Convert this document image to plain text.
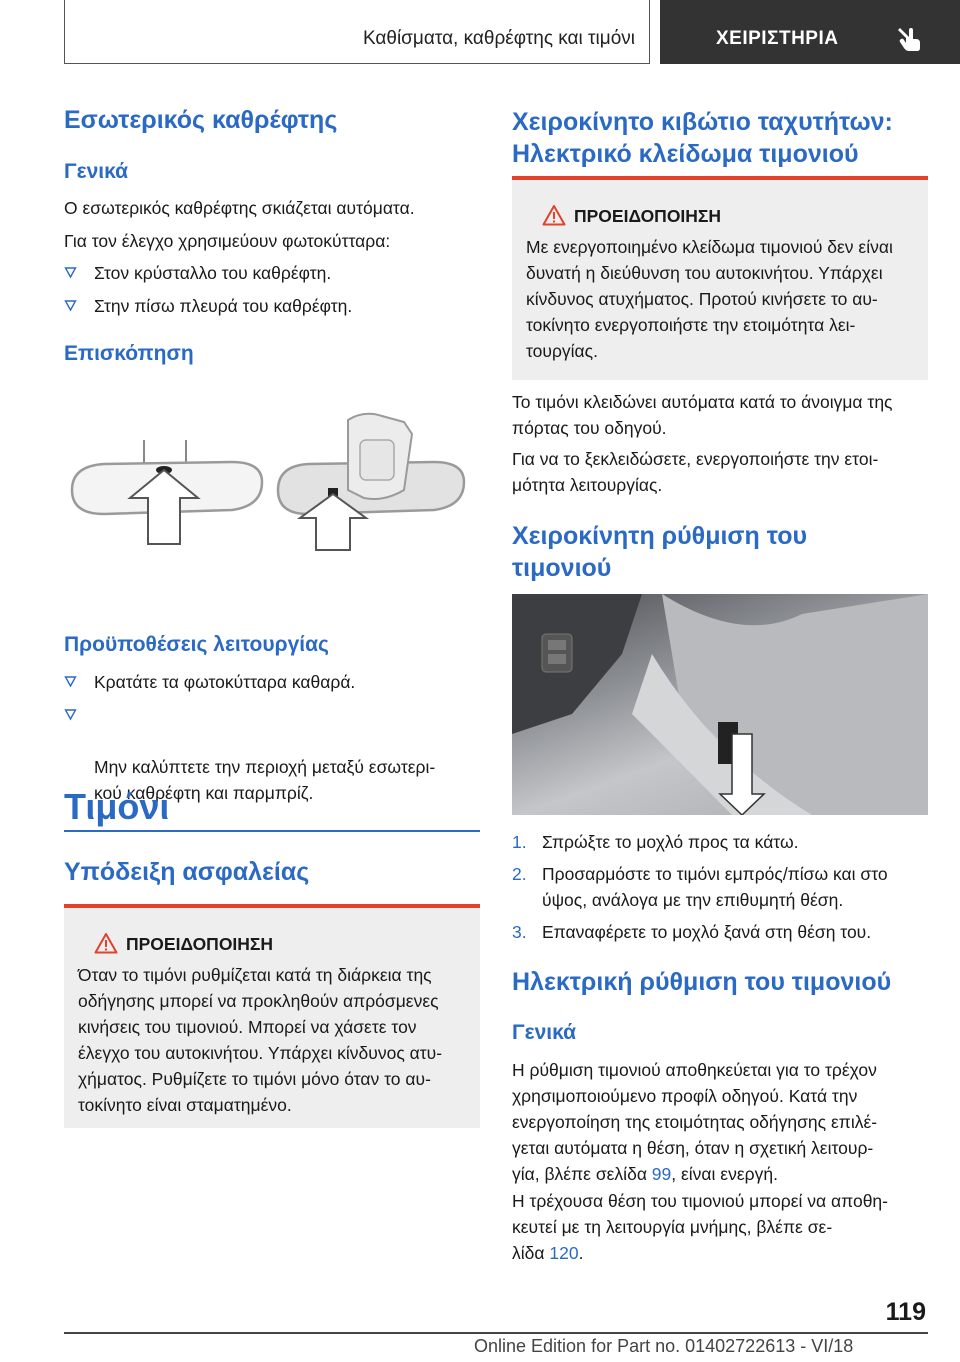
Καθίσματα, καθρέφτης και τιμόνι	ΧΕΙΡΙΣΤΗΡΙΑ
Εσωτερικός καθρέφτης
Γενικά
Ο εσωτερικός καθρέφτης σκιάζεται αυτόματα.
Για τον έλεγχο χρησιμεύουν φωτοκύτταρα:
Στον κρύσταλλο του καθρέφτη.
Στην πίσω πλευρά του καθρέφτη.
Επισκόπηση
Προϋποθέσεις λειτουργίας
Κρατάτε τα φωτοκύτταρα καθαρά.

Μην καλύπτετε την περιοχή μεταξύ εσωτερι-
κού καθρέφτη και παρμπρίζ.

Τιμόνι
Υπόδειξη ασφαλείας
ΠΡΟΕΙΔΟΠΟΙΗΣΗ
Όταν το τιμόνι ρυθμίζεται κατά τη διάρκεια της οδήγησης μπορεί να προκληθούν απρόσμενες κινήσεις του τιμονιού. Μπορεί να χάσετε τον έλεγχο του αυτοκινήτου. Υπάρχει κίνδυνος ατυ-
χήματος. Ρυθμίζετε το τιμόνι μόνο όταν το αυ-
τοκίνητο είναι σταματημένο.
Χειροκίνητο κιβώτιο ταχυτήτων: Ηλεκτρικό κλείδωμα τιμονιού
ΠΡΟΕΙΔΟΠΟΙΗΣΗ
Με ενεργοποιημένο κλείδωμα τιμονιού δεν είναι δυνατή η διεύθυνση του αυτοκινήτου. Υπάρχει κίνδυνος ατυχήματος. Προτού κινήσετε το αυ-
τοκίνητο ενεργοποιήστε την ετοιμότητα λει-
τουργίας.
Το τιμόνι κλειδώνει αυτόματα κατά το άνοιγμα της πόρτας του οδηγού.
Για να το ξεκλειδώσετε, ενεργοποιήστε την ετοι-
μότητα λειτουργίας.
Χειροκίνητη ρύθμιση του τιμονιού
1. Σπρώξτε το μοχλό προς τα κάτω.
2. Προσαρμόστε το τιμόνι εμπρός/πίσω και στο ύψος, ανάλογα με την επιθυμητή θέση.
3. Επαναφέρετε το μοχλό ξανά στη θέση του.
Ηλεκτρική ρύθμιση του τιμονιού
Γενικά
Η ρύθμιση τιμονιού αποθηκεύεται για το τρέχον χρησιμοποιούμενο προφίλ οδηγού. Κατά την ενεργοποίηση της ετοιμότητας οδήγησης επιλέ-
γεται αυτόματα η θέση, όταν η σχετική λειτουρ-
γία, βλέπε σελίδα 99, είναι ενεργή.
Η τρέχουσα θέση του τιμονιού μπορεί να αποθη-
κευτεί με τη λειτουργία μνήμης, βλέπε σε-
λίδα 120.
119
Online Edition for Part no. 01402722613 - VI/18
